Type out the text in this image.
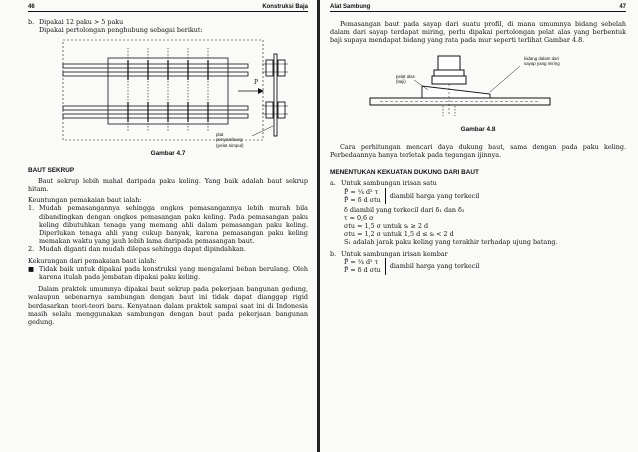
46	Konstruksi Baja
b. Dipakai 12 paku > 5 paku
Dipakai pertolongan penghubung sebagai berikut:
P
plat
penyambung
(pelat simpul)
Gambar 4.7

BAUT SEKRUP

Baut sekrup lebih mahal daripada paku keling. Yang baik adalah baut sekrup hitam.

Keuntungan pemakaian baut ialah:

1. Mudah pemasangannya sehingga ongkos pemasangannya lebih murah bila dibandingkan dengan ongkos pemasangan paku keling. Pada pemasangan paku keling dibutuhkan tenaga yang memang ahli dalam pemasangan paku keling. Diperlukan tenaga ahli yang cukup banyak, karena pemasangan paku keling memakan waktu yang jauh lebih lama daripada pemasangan baut.
2. Mudah diganti dan mudah dilepas sehingga dapat dipindahkan.

Kekurangan dari pemakaian baut ialah:

■ Tidak baik untuk dipakai pada konstruksi yang mengalami beban berulang. Oleh karena itulah pada jembatan dipakai paku keling.

Dalam praktek umumnya dipakai baut sekrup pada pekerjaan bangunan gedung, walaupun sebenarnya sambungan dengan baut ini tidak dapat dianggap rigid berdasarkan teori-teori baru. Kenyataan dalam praktek sampai saat ini di Indonesia masih selalu menggunakan sambungan dengan baut pada pekerjaan bangunan gedung.

Alat Sambung	47

Pemasangan baut pada sayap dari suatu profil, di mana umumnya bidang sebelah dalam dari sayap terdapat miring, perlu dipakai pertolongan pelat alas yang berbentuk baji supaya mendapat bidang yang rata pada mur seperti terlihat Gambar 4.8.

bidang dalam dari
sayap yang miring
pelat alas
(baji)
Gambar 4.8

Cara perhitungan mencari daya dukung baut, sama dengan pada paku keling. Perbedaannya hanya terletak pada tegangan ijinnya.

MENENTUKAN KEKUATAN DUKUNG DARI BAUT

a. Untuk sambungan irisan satu
P̄ = ¼ d² τ
P̄ = δ d σtu
diambil harga yang terkecil
δ diambil yang terkecil dari δ₁ dan δ₂
τ = 0,6 σ
σtu = 1,5 σ untuk sᵢ ≥ 2 d
σtu = 1,2 σ untuk 1,5 d ≤ sᵢ < 2 d
S₁ adalah jarak paku keling yang terakhir terhadap ujung batang.
b. Untuk sambungan irisan kembar
P̄ = ¼ d² τ
P̄ = δ d σtu
diambil harga yang terkecil
